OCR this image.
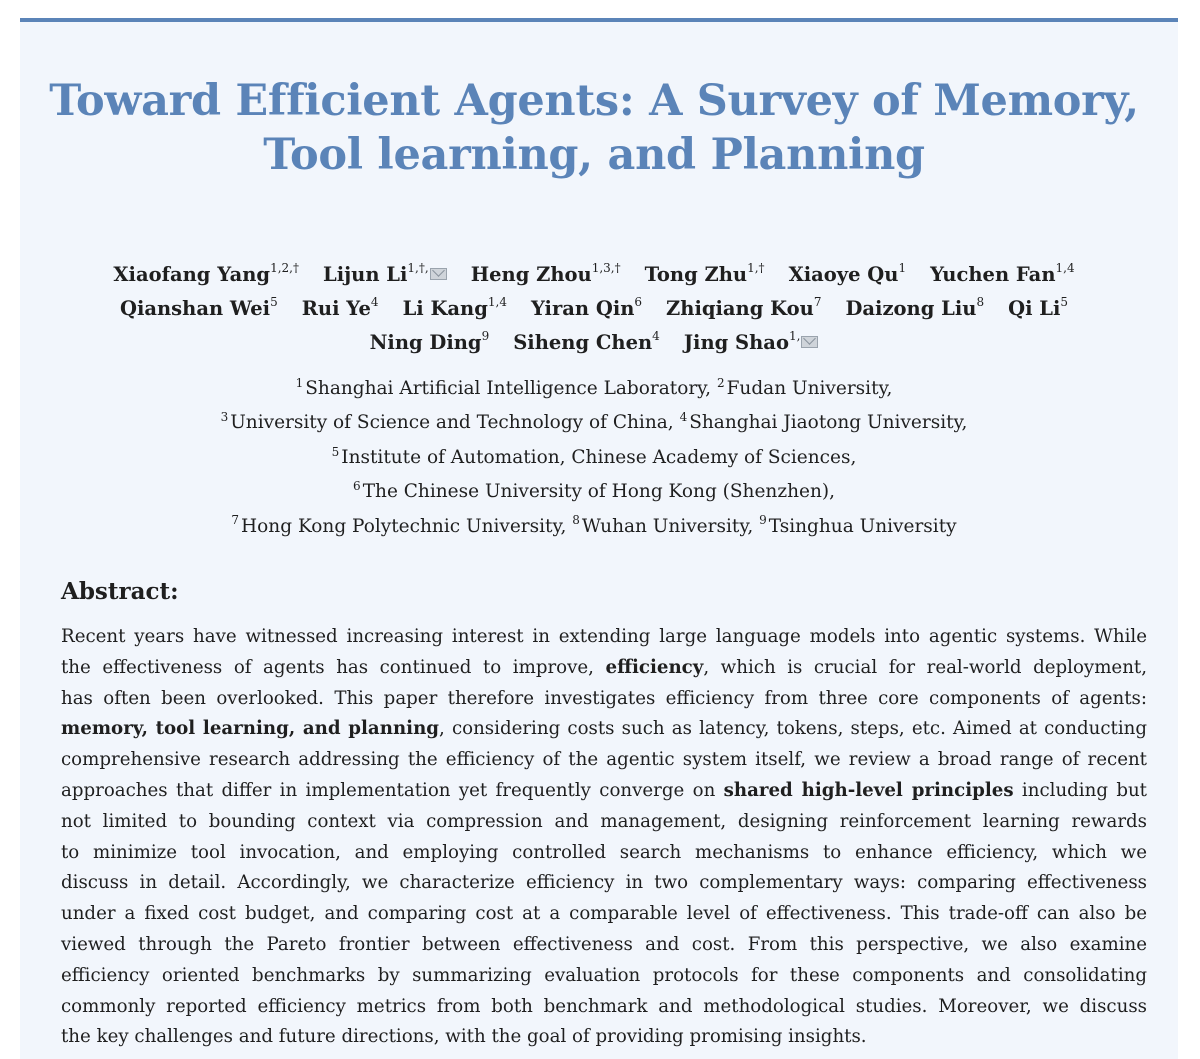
Toward Efficient Agents: A Survey of Memory,
Tool learning, and Planning
Xiaofang Yang$^{1,2,\dagger}$ Lijun $Li^{1,\dagger,}$ Heng Zhou$^{1,3,\dagger}$ Tong Zhu$^{1,\dagger}$ Xiaoye Qu$^1$ Yuchen Fan$^{1,4}$
Qianshan Wei$^5$ Rui Ye$^4$ Li Kang$^{1,4}$ Yiran Qin$^6$ Zhiqiang Kou$^7$ Daizong Liu$^8$ Qi Li$^5$
Ning Ding$^9$ Siheng Chen$^4$ Jing Shao$^{1,}$
$^1$ Shanghai Artificial Intelligence Laboratory, $^2$ Fudan University,
$^3$ University of Science and Technology of China, $^4$ Shanghai Jiaotong University,
$^5$ Institute of Automation, Chinese Academy of Sciences,
$^6$ The Chinese University of Hong Kong (Shenzhen),
$^7$ Hong Kong Polytechnic University, $^8$ Wuhan University, $^9$ Tsinghua University
Abstract:
Recent years have witnessed increasing interest in extending large language models into agentic systems. While
the effectiveness of agents has continued to improve, efficiency, which is crucial for real-world deployment,
has often been overlooked. This paper therefore investigates efficiency from three core components of agents:
memory, tool learning, and planning, considering costs such as latency, tokens, steps, etc. Aimed at conducting
comprehensive research addressing the efficiency of the agentic system itself, we review a broad range of recent
approaches that differ in implementation yet frequently converge on shared high-level principles including but
not limited to bounding context via compression and management, designing reinforcement learning rewards
to minimize tool invocation, and employing controlled search mechanisms to enhance efficiency, which we
discuss in detail. Accordingly, we characterize efficiency in two complementary ways: comparing effectiveness
under a fixed cost budget, and comparing cost at a comparable level of effectiveness. This trade-off can also be
viewed through the Pareto frontier between effectiveness and cost. From this perspective, we also examine
efficiency oriented benchmarks by summarizing evaluation protocols for these components and consolidating
commonly reported efficiency metrics from both benchmark and methodological studies. Moreover, we discuss
the key challenges and future directions, with the goal of providing promising insights.
